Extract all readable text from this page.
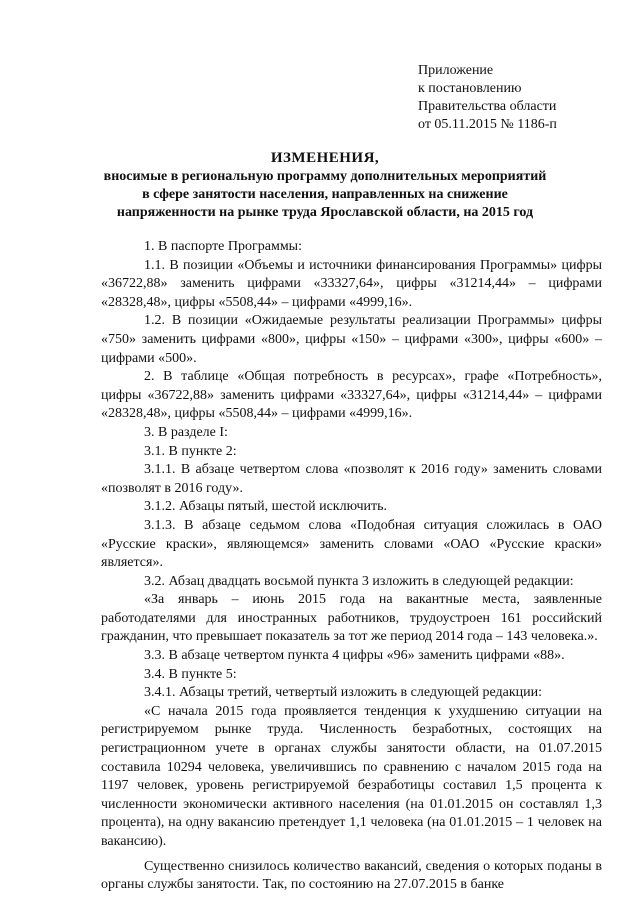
Приложение
к постановлению
Правительства области
от 05.11.2015 № 1186-п
ИЗМЕНЕНИЯ,
вносимые в региональную программу дополнительных мероприятий
в сфере занятости населения, направленных на снижение
напряженности на рынке труда Ярославской области, на 2015 год

1. В паспорте Программы:

1.1. В позиции «Объемы и источники финансирования Программы» цифры «36722,88» заменить цифрами «33327,64», цифры «31214,44» – цифрами «28328,48», цифры «5508,44» – цифрами «4999,16».

1.2. В позиции «Ожидаемые результаты реализации Программы» цифры «750» заменить цифрами «800», цифры «150» – цифрами «300», цифры «600» – цифрами «500».

2. В таблице «Общая потребность в ресурсах», графе «Потребность», цифры «36722,88» заменить цифрами «33327,64», цифры «31214,44» – цифрами «28328,48», цифры «5508,44» – цифрами «4999,16».

3. В разделе I:

3.1. В пункте 2:

3.1.1. В абзаце четвертом слова «позволят к 2016 году» заменить словами «позволят в 2016 году».

3.1.2. Абзацы пятый, шестой исключить.

3.1.3. В абзаце седьмом слова «Подобная ситуация сложилась в ОАО «Русские краски», являющемся» заменить словами «ОАО «Русские краски» является».

3.2. Абзац двадцать восьмой пункта 3 изложить в следующей редакции:

«За январь – июнь 2015 года на вакантные места, заявленные работодателями для иностранных работников, трудоустроен 161 российский гражданин, что превышает показатель за тот же период 2014 года – 143 человека.».

3.3. В абзаце четвертом пункта 4 цифры «96» заменить цифрами «88».

3.4. В пункте 5:

3.4.1. Абзацы третий, четвертый изложить в следующей редакции:

«С начала 2015 года проявляется тенденция к ухудшению ситуации на регистрируемом рынке труда. Численность безработных, состоящих на регистрационном учете в органах службы занятости области, на 01.07.2015 составила 10294 человека, увеличившись по сравнению с началом 2015 года на 1197 человек, уровень регистрируемой безработицы составил 1,5 процента к численности экономически активного населения (на 01.01.2015 он составлял 1,3 процента), на одну вакансию претендует 1,1 человека (на 01.01.2015 – 1 человек на вакансию).

Существенно снизилось количество вакансий, сведения о которых поданы в органы службы занятости. Так, по состоянию на 27.07.2015 в банке
